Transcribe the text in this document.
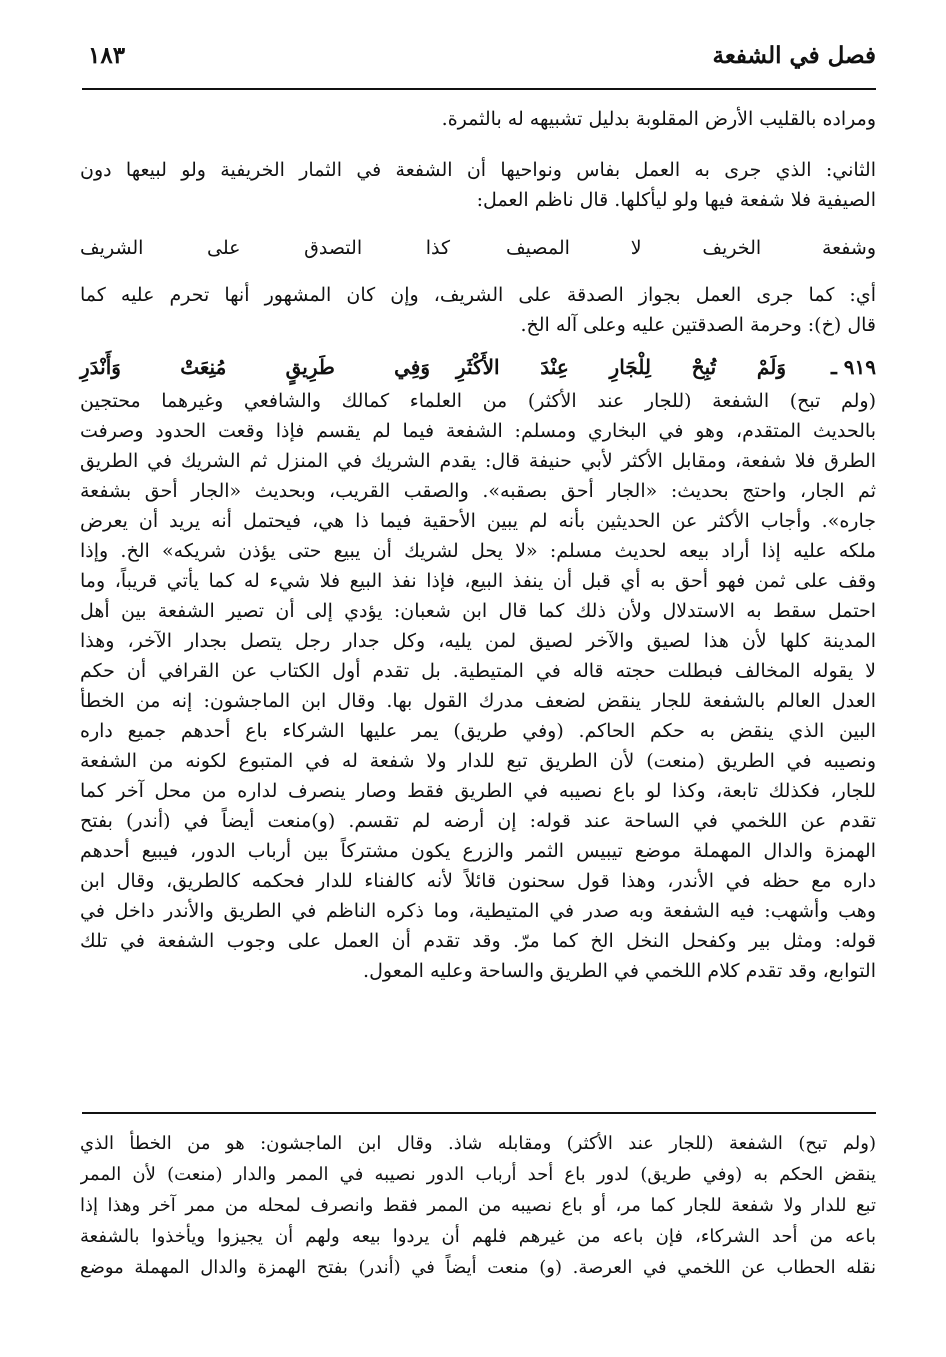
فصل في الشفعة
١٨٣
ومراده بالقليب الأرض المقلوبة بدليل تشبيهه له بالثمرة.
الثاني: الذي جرى به العمل بفاس ونواحيها أن الشفعة في الثمار الخريفية ولو لبيعها دون
الصيفية فلا شفعة فيها ولو ليأكلها. قال ناظم العمل:
وشفعة الخريف لا المصيف
كذا التصدق على الشريف
أي: كما جرى العمل بجواز الصدقة على الشريف، وإن كان المشهور أنها تحرم عليه كما
قال (خ): وحرمة الصدقتين عليه وعلى آله الخ.
٩١٩ ـ
وَلَمْ تُبِحْ لِلْجَارِ عِنْدَ الأَكْثَرِ
وَفِي طَرِيقٍ مُنِعَتْ وَأَنْدَرِ
(ولم تبح) الشفعة (للجار عند الأكثر) من العلماء كمالك والشافعي وغيرهما محتجين
بالحديث المتقدم، وهو في البخاري ومسلم: الشفعة فيما لم يقسم فإذا وقعت الحدود وصرفت
الطرق فلا شفعة، ومقابل الأكثر لأبي حنيفة قال: يقدم الشريك في المنزل ثم الشريك في الطريق
ثم الجار، واحتج بحديث: «الجار أحق بصقبه». والصقب القريب، وبحديث «الجار أحق بشفعة
جاره». وأجاب الأكثر عن الحديثين بأنه لم يبين الأحقية فيما ذا هي، فيحتمل أنه يريد أن يعرض
ملكه عليه إذا أراد بيعه لحديث مسلم: «لا يحل لشريك أن يبيع حتى يؤذن شريكه» الخ. وإذا
وقف على ثمن فهو أحق به أي قبل أن ينفذ البيع، فإذا نفذ البيع فلا شيء له كما يأتي قريباً، وما
احتمل سقط به الاستدلال ولأن ذلك كما قال ابن شعبان: يؤدي إلى أن تصير الشفعة بين أهل
المدينة كلها لأن هذا لصيق والآخر لصيق لمن يليه، وكل جدار رجل يتصل بجدار الآخر، وهذا
لا يقوله المخالف فبطلت حجته قاله في المتيطية. بل تقدم أول الكتاب عن القرافي أن حكم
العدل العالم بالشفعة للجار ينقض لضعف مدرك القول بها. وقال ابن الماجشون: إنه من الخطأ
البين الذي ينقض به حكم الحاكم. (وفي طريق) يمر عليها الشركاء باع أحدهم جميع داره
ونصيبه في الطريق (منعت) لأن الطريق تبع للدار ولا شفعة له في المتبوع لكونه من الشفعة
للجار، فكذلك تابعة، وكذا لو باع نصيبه في الطريق فقط وصار ينصرف لداره من محل آخر كما
تقدم عن اللخمي في الساحة عند قوله: إن أرضه لم تقسم. (و)منعت أيضاً في (أندر) بفتح
الهمزة والدال المهملة موضع تيبيس الثمر والزرع يكون مشتركاً بين أرباب الدور، فيبيع أحدهم
داره مع حظه في الأندر، وهذا قول سحنون قائلاً لأنه كالفناء للدار فحكمه كالطريق، وقال ابن
وهب وأشهب: فيه الشفعة وبه صدر في المتيطية، وما ذكره الناظم في الطريق والأندر داخل في
قوله: ومثل بير وكفحل النخل الخ كما مرّ. وقد تقدم أن العمل على وجوب الشفعة في تلك
التوابع، وقد تقدم كلام اللخمي في الطريق والساحة وعليه المعول.
(ولم تبح) الشفعة (للجار عند الأكثر) ومقابله شاذ. وقال ابن الماجشون: هو من الخطأ الذي
ينقض الحكم به (وفي طريق) لدور باع أحد أرباب الدور نصيبه في الممر والدار (منعت) لأن الممر
تبع للدار ولا شفعة للجار كما مر، أو باع نصيبه من الممر فقط وانصرف لمحله من ممر آخر وهذا إذا
باعه من أحد الشركاء، فإن باعه من غيرهم فلهم أن يردوا بيعه ولهم أن يجيزوا ويأخذوا بالشفعة
نقله الحطاب عن اللخمي في العرصة. (و) منعت أيضاً في (أندر) بفتح الهمزة والدال المهملة موضع
